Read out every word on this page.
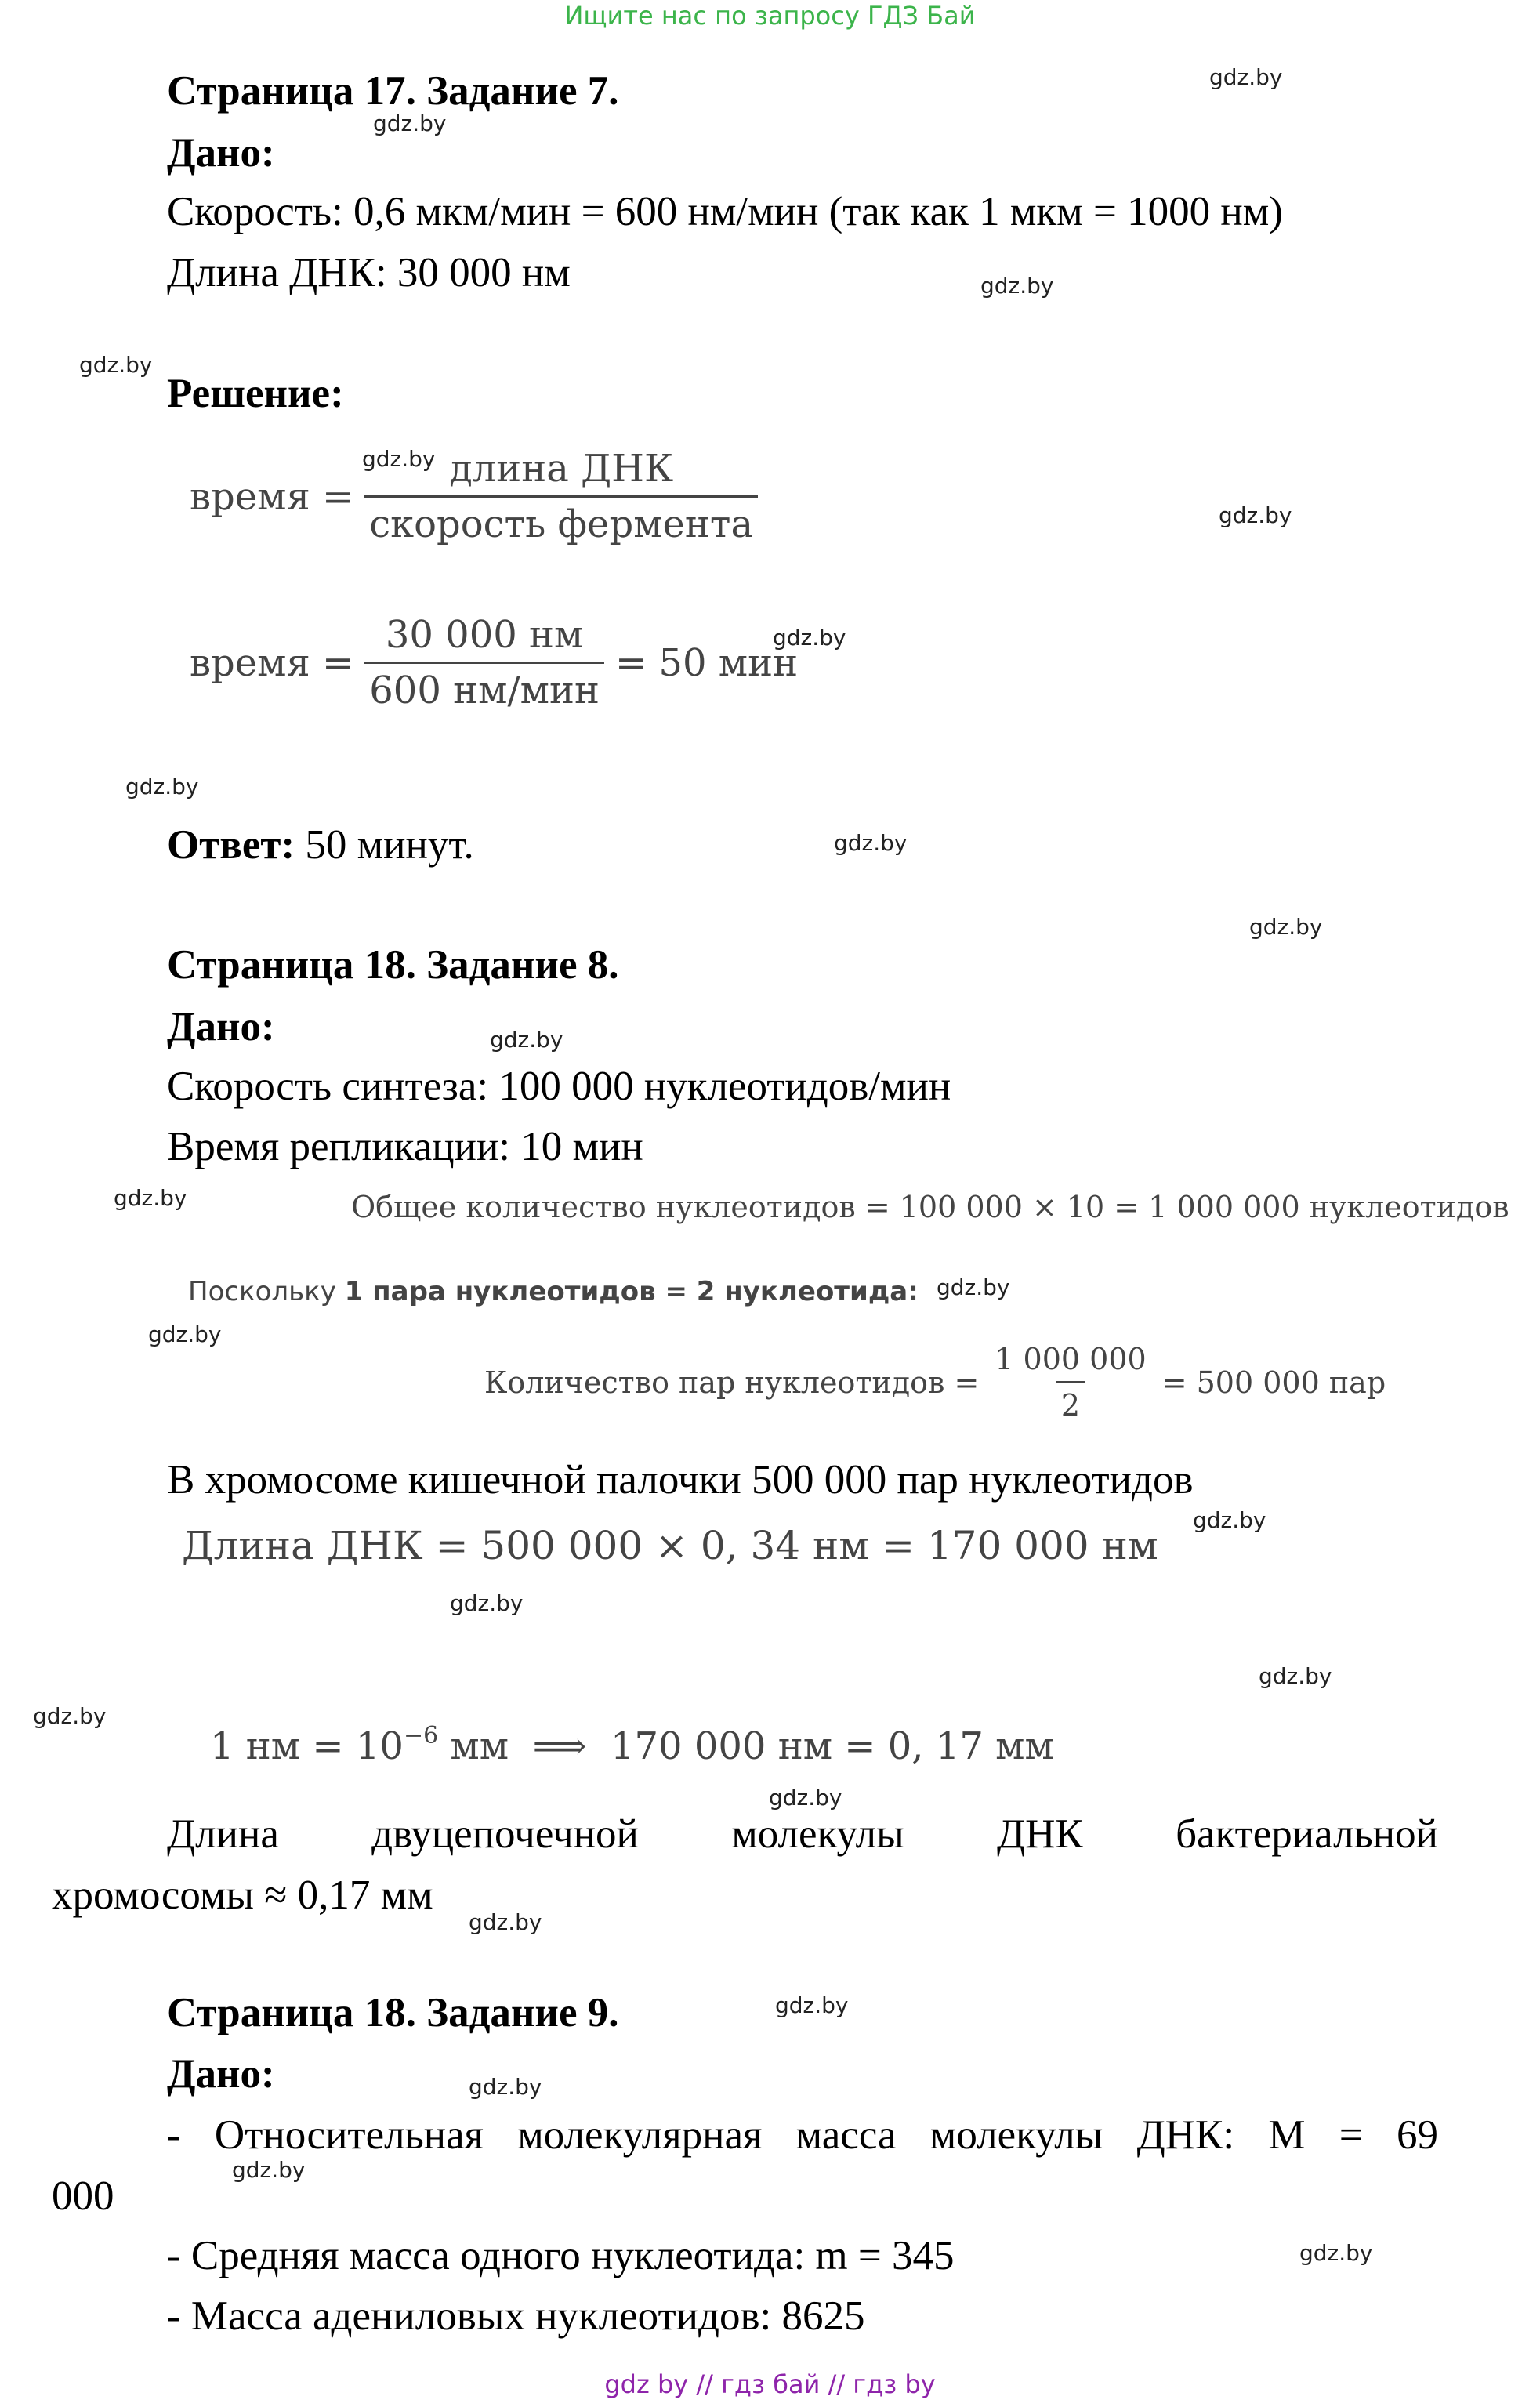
Ищите нас по запросу ГДЗ Бай
Страница 17. Задание 7.
Дано:
Скорость: 0,6 мкм/мин = 600 нм/мин (так как 1 мкм = 1000 нм)
Длина ДНК: 30 000 нм
Решение:
время = $\frac{\text{длина ДНК}}{\text{скорость фермента}}$
время = $\frac{30 000 нм}{\text{600 нм/мин}} = 50$ мин
Ответ: 50 минут.
Страница 18. Задание 8.
Дано:
Скорость синтеза: 100 000 нуклеотидов/мин
Время репликации: 10 мин
Общее количество нуклеотидов = 100 000 × 10 = 1 000 000 нуклеотидов
Поскольку 1 пара нуклеотидов = 2 нуклеотида:
Количество пар нуклеотидов = $\frac{1 000 000}{2} = 500$ 000 пар
В хромосоме кишечной палочки 500 000 пар нуклеотидов
Длина ДНК = 500 000 × 0, 34 нм = 170 000 нм
1 нм = $10^{-6}$ мм  ⟹  170 000 нм = 0, 17 мм
Длина двуцепочечной молекулы ДНК бактериальной
хромосомы ≈ 0,17 мм
Страница 18. Задание 9.
Дано:
- Относительная молекулярная масса молекулы ДНК: М = 69
000
- Средняя масса одного нуклеотида: m = 345
- Масса адениловых нуклеотидов: 8625
gdz.by
gdz.by
gdz.by
gdz.by
gdz.by
gdz.by
gdz.by
gdz.by
gdz.by
gdz.by
gdz.by
gdz.by
gdz.by
gdz.by
gdz.by
gdz.by
gdz.by
gdz.by
gdz.by
gdz.by
gdz.by
gdz.by
gdz.by
gdz.by
gdz by // гдз бай // гдз by
